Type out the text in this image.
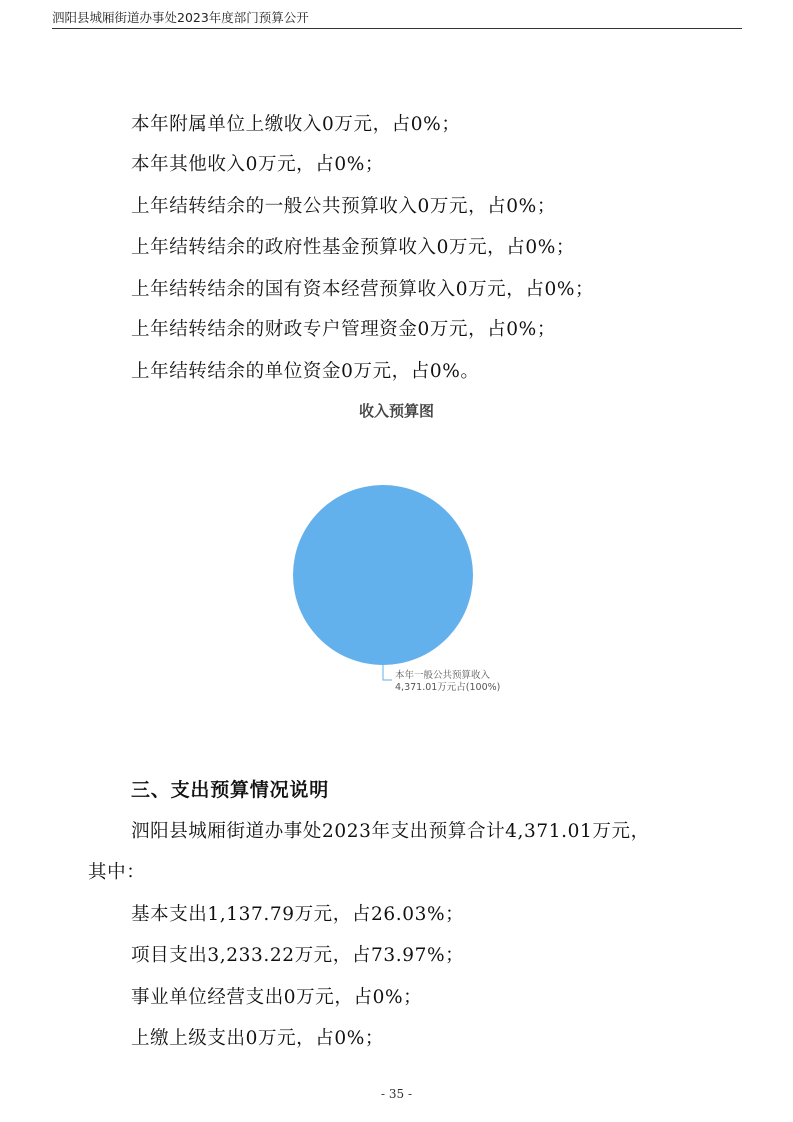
泗阳县城厢街道办事处2023年度部门预算公开
本年附属单位上缴收入0万元，占0%；
本年其他收入0万元，占0%；
上年结转结余的一般公共预算收入0万元，占0%；
上年结转结余的政府性基金预算收入0万元，占0%；
上年结转结余的国有资本经营预算收入0万元，占0%；
上年结转结余的财政专户管理资金0万元，占0%；
上年结转结余的单位资金0万元，占0%。
收入预算图
本年一般公共预算收入
4,371.01万元占(100%)
三、支出预算情况说明
泗阳县城厢街道办事处2023年支出预算合计4,371.01万元，
其中：
基本支出1,137.79万元，占26.03%；
项目支出3,233.22万元，占73.97%；
事业单位经营支出0万元，占0%；
上缴上级支出0万元，占0%；
- 35 -
